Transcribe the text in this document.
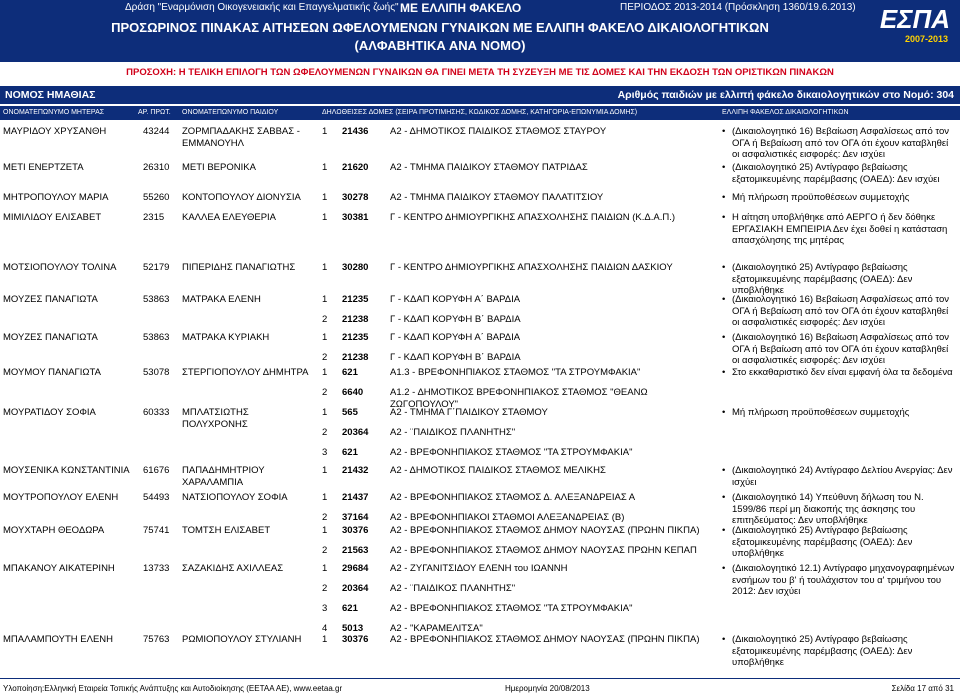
Δράση "Εναρμόνιση Οικογενειακής και Επαγγελματικής ζωής" ΜΕ ΕΛΛΙΠΗ ΦΑΚΕΛΟ	ΠΕΡΙΟΔΟΣ 2013-2014 (Πρόσκληση 1360/19.6.2013)
ΠΡΟΣΩΡΙΝΟΣ ΠΙΝΑΚΑΣ ΑΙΤΗΣΕΩΝ ΩΦΕΛΟΥΜΕΝΩΝ ΓΥΝΑΙΚΩΝ ΜΕ ΕΛΛΙΠΗ ΦΑΚΕΛΟ ΔΙΚΑΙΟΛΟΓΗΤΙΚΩΝ
(ΑΛΦΑΒΗΤΙΚΑ ΑΝΑ ΝΟΜΟ)
ΕΣΠΑ
2007-2013
ΠΡΟΣΟΧΗ: Η ΤΕΛΙΚΗ ΕΠΙΛΟΓΗ ΤΩΝ ΩΦΕΛΟΥΜΕΝΩΝ ΓΥΝΑΙΚΩΝ ΘΑ ΓΙΝΕΙ ΜΕΤΑ ΤΗ ΣΥΖΕΥΞΗ ΜΕ ΤΙΣ ΔΟΜΕΣ ΚΑΙ ΤΗΝ ΕΚΔΟΣΗ ΤΩΝ ΟΡΙΣΤΙΚΩΝ ΠΙΝΑΚΩΝ
ΝΟΜΟΣ ΗΜΑΘΙΑΣ	Αριθμός παιδιών με ελλιπή φάκελο δικαιολογητικών στο Νομό: 304
ΟΝΟΜΑΤΕΠΩΝΥΜΟ ΜΗΤΕΡΑΣ	ΑΡ. ΠΡΩΤ. ΟΝΟΜΑΤΕΠΩΝΥΜΟ ΠΑΙΔΙΟΥ	ΔΗΛΩΘΕΙΣΕΣ ΔΟΜΕΣ (ΣΕΙΡΑ ΠΡΟΤΙΜΗΣΗΣ, ΚΩΔΙΚΟΣ ΔΟΜΗΣ, ΚΑΤΗΓΟΡΙΑ-ΕΠΩΝΥΜΙΑ ΔΟΜΗΣ)	ΕΛΛΙΠΗ ΦΑΚΕΛΟΣ ΔΙΚΑΙΟΛΟΓΗΤΙΚΩΝ
ΜΑΥΡΙΔΟΥ ΧΡΥΣΑΝΘΗ	43244 ΖΟΡΜΠΑΔΑΚΗΣ ΣΑΒΒΑΣ - ΕΜΜΑΝΟΥΗΛ
1 21436 Α2 - ΔΗΜΟΤΙΚΟΣ ΠΑΙΔΙΚΟΣ ΣΤΑΘΜΟΣ ΣΤΑΥΡΟΥ	• (Δικαιολογητικό 16) Βεβαίωση Ασφαλίσεως από τον ΟΓΑ ή Βεβαίωση από τον ΟΓΑ ότι έχουν καταβληθεί οι ασφαλιστικές εισφορές: Δεν ισχύει
ΜΕΤΙ ΕΝΕΡΤΖΕΤΑ	26310 ΜΕΤΙ ΒΕΡΟΝΙΚΑ	1 21620 Α2 - ΤΜΗΜΑ ΠΑΙΔΙΚΟΥ ΣΤΑΘΜΟΥ ΠΑΤΡΙΔΑΣ	• (Δικαιολογητικό 25) Αντίγραφο βεβαίωσης εξατομικευμένης παρέμβασης (ΟΑΕΔ): Δεν ισχύει
ΜΗΤΡΟΠΟΥΛΟΥ ΜΑΡΙΑ	55260 ΚΟΝΤΟΠΟΥΛΟΥ ΔΙΟΝΥΣΙΑ	1 30278 Α2 - ΤΜΗΜΑ ΠΑΙΔΙΚΟΥ ΣΤΑΘΜΟΥ ΠΑΛΑΤΙΤΣΙΟΥ	• Μή πλήρωση προϋποθέσεων συμμετοχής
ΜΙΜΙΛΙΔΟΥ ΕΛΙΣΑΒΕΤ	2315 ΚΑΛΛΕΑ ΕΛΕΥΘΕΡΙΑ	1 30381 Γ - ΚΕΝΤΡΟ ΔΗΜΙΟΥΡΓΙΚΗΣ ΑΠΑΣΧΟΛΗΣΗΣ ΠΑΙΔΙΩΝ (Κ.Δ.Α.Π.)	• Η αίτηση υποβλήθηκε από ΑΕΡΓΟ ή δεν δόθηκε ΕΡΓΑΣΙΑΚΗ ΕΜΠΕΙΡΙΑ Δεν έχει δοθεί η κατάσταση απασχόλησης της μητέρας
ΜΟΤΣΙΟΠΟΥΛΟΥ ΤΟΛΙΝΑ	52179 ΠΙΠΕΡΙΔΗΣ ΠΑΝΑΓΙΩΤΗΣ	1 30280 Γ - ΚΕΝΤΡΟ ΔΗΜΙΟΥΡΓΙΚΗΣ ΑΠΑΣΧΟΛΗΣΗΣ ΠΑΙΔΙΩΝ ΔΑΣΚΙΟΥ	• (Δικαιολογητικό 25) Αντίγραφο βεβαίωσης εξατομικευμένης παρέμβασης (ΟΑΕΔ): Δεν υποβλήθηκε
ΜΟΥΖΕΣ ΠΑΝΑΓΙΩΤΑ	53863 ΜΑΤΡΑΚΑ ΕΛΕΝΗ	1 21235 Γ - ΚΔΑΠ ΚΟΡΥΦΗ Α΄ ΒΑΡΔΙΑ
2 21238 Γ - ΚΔΑΠ ΚΟΡΥΦΗ Β΄ ΒΑΡΔΙΑ
• (Δικαιολογητικό 16) Βεβαίωση Ασφαλίσεως από τον ΟΓΑ ή Βεβαίωση από τον ΟΓΑ ότι έχουν καταβληθεί οι ασφαλιστικές εισφορές: Δεν ισχύει
ΜΟΥΖΕΣ ΠΑΝΑΓΙΩΤΑ	53863 ΜΑΤΡΑΚΑ ΚΥΡΙΑΚΗ	1 21235 Γ - ΚΔΑΠ ΚΟΡΥΦΗ Α΄ ΒΑΡΔΙΑ
2 21238 Γ - ΚΔΑΠ ΚΟΡΥΦΗ Β΄ ΒΑΡΔΙΑ
• (Δικαιολογητικό 16) Βεβαίωση Ασφαλίσεως από τον ΟΓΑ ή Βεβαίωση από τον ΟΓΑ ότι έχουν καταβληθεί οι ασφαλιστικές εισφορές: Δεν ισχύει
ΜΟΥΜΟΥ ΠΑΝΑΓΙΩΤΑ	53078 ΣΤΕΡΓΙΟΠΟΥΛΟΥ ΔΗΜΗΤΡΑ	1 621	Α1.3 - ΒΡΕΦΟΝΗΠΙΑΚΟΣ ΣΤΑΘΜΟΣ "ΤΑ ΣΤΡΟΥΜΦΑΚΙΑ"
2 6640	Α1.2 - ΔΗΜΟΤΙΚΟΣ ΒΡΕΦΟΝΗΠΙΑΚΟΣ ΣΤΑΘΜΟΣ "ΘΕΑΝΩ ΖΩΓΟΠΟΥΛΟΥ"
• Στο εκκαθαριστικό δεν είναι εμφανή όλα τα δεδομένα
ΜΟΥΡΑΤΙΔΟΥ ΣΟΦΙΑ	60333 ΜΠΛΑΤΣΙΩΤΗΣ ΠΟΛΥΧΡΟΝΗΣ
1 565	Α2 - ΤΜΗΜΑ Γ΄ΠΑΙΔΙΚΟΥ ΣΤΑΘΜΟΥ
2 20364 Α2 - ¨ΠΑΙΔΙΚΟΣ ΠΛΑΝΗΤΗΣ"
3 621	Α2 - ΒΡΕΦΟΝΗΠΙΑΚΟΣ ΣΤΑΘΜΟΣ "ΤΑ ΣΤΡΟΥΜΦΑΚΙΑ"
• Μή πλήρωση προϋποθέσεων συμμετοχής
ΜΟΥΣΕΝΙΚΑ ΚΩΝΣΤΑΝΤΙΝΙΑ 61676 ΠΑΠΑΔΗΜΗΤΡΙΟΥ ΧΑΡΑΛΑΜΠΙΑ
1 21432 Α2 - ΔΗΜΟΤΙΚΟΣ ΠΑΙΔΙΚΟΣ ΣΤΑΘΜΟΣ ΜΕΛΙΚΗΣ	• (Δικαιολογητικό 24) Αντίγραφο Δελτίου Ανεργίας: Δεν ισχύει
ΜΟΥΤΡΟΠΟΥΛΟΥ ΕΛΕΝΗ	54493 ΝΑΤΣΙΟΠΟΥΛΟΥ ΣΟΦΙΑ	1 21437 Α2 - ΒΡΕΦΟΝΗΠΙΑΚΟΣ ΣΤΑΘΜΟΣ Δ. ΑΛΕΞΑΝΔΡΕΙΑΣ Α
2 37164 Α2 - ΒΡΕΦΟΝΗΠΙΑΚΟΙ ΣΤΑΘΜΟΙ ΑΛΕΞΑΝΔΡΕΙΑΣ (Β)
• (Δικαιολογητικό 14) Υπεύθυνη δήλωση του Ν. 1599/86 περί μη διακοπής της άσκησης του επιτηδεύματος: Δεν υποβλήθηκε
ΜΟΥΧΤΑΡΗ ΘΕΟΔΩΡΑ	75741 ΤΟΜΤΣΗ ΕΛΙΣΑΒΕΤ	1 30376 Α2 - ΒΡΕΦΟΝΗΠΙΑΚΟΣ ΣΤΑΘΜΟΣ ΔΗΜΟΥ ΝΑΟΥΣΑΣ (ΠΡΩΗΝ ΠΙΚΠΑ)
2 21563 Α2 - ΒΡΕΦΟΝΗΠΙΑΚΟΣ ΣΤΑΘΜΟΣ ΔΗΜΟΥ ΝΑΟΥΣΑΣ ΠΡΩΗΝ ΚΕΠΑΠ
• (Δικαιολογητικό 25) Αντίγραφο βεβαίωσης εξατομικευμένης παρέμβασης (ΟΑΕΔ): Δεν υποβλήθηκε
ΜΠΑΚΑΝΟΥ ΑΙΚΑΤΕΡΙΝΗ	13733 ΣΑΖΑΚΙΔΗΣ ΑΧΙΛΛΕΑΣ	1 29684 Α2 - ΖΥΓΑΝΙΤΣΙΔΟΥ ΕΛΕΝΗ του ΙΩΑΝΝΗ
2 20364 Α2 - ¨ΠΑΙΔΙΚΟΣ ΠΛΑΝΗΤΗΣ"
3 621	Α2 - ΒΡΕΦΟΝΗΠΙΑΚΟΣ ΣΤΑΘΜΟΣ "ΤΑ ΣΤΡΟΥΜΦΑΚΙΑ"
4 5013	Α2 - "ΚΑΡΑΜΕΛΙΤΣΑ"
• (Δικαιολογητικό 12.1) Αντίγραφο μηχανογραφημένων ενσήμων του β' ή τουλάχιστον του α' τριμήνου του 2012: Δεν ισχύει
ΜΠΑΛΑΜΠΟΥΤΗ ΕΛΕΝΗ	75763 ΡΩΜΙΟΠΟΥΛΟΥ ΣΤΥΛΙΑΝΗ	1 30376 Α2 - ΒΡΕΦΟΝΗΠΙΑΚΟΣ ΣΤΑΘΜΟΣ ΔΗΜΟΥ ΝΑΟΥΣΑΣ (ΠΡΩΗΝ ΠΙΚΠΑ)	• (Δικαιολογητικό 25) Αντίγραφο βεβαίωσης εξατομικευμένης παρέμβασης (ΟΑΕΔ): Δεν υποβλήθηκε
Υλοποίηση:Ελληνική Εταιρεία Τοπικής Ανάπτυξης και Αυτοδιοίκησης (ΕΕΤΑΑ ΑΕ), www.eetaa.gr	Ημερομηνία 20/08/2013	Σελίδα 17 από 31
